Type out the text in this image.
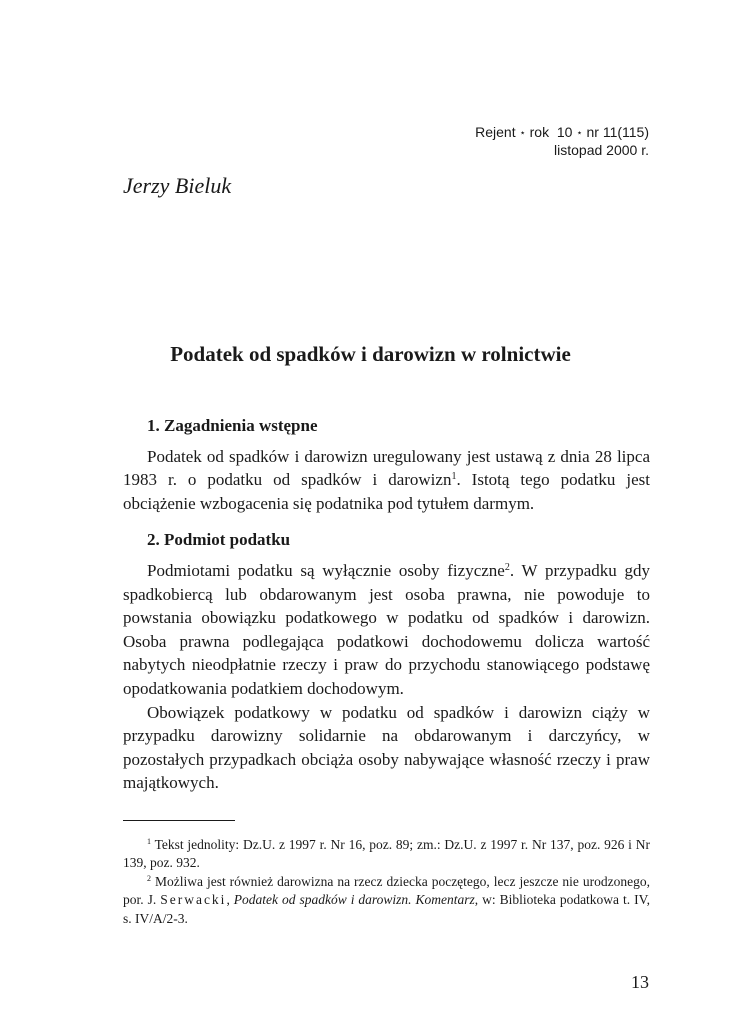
Rejent ⋆ rok  10 ⋆ nr 11(115)
listopad 2000 r.
Jerzy Bieluk
Podatek od spadków i darowizn w rolnictwie
1. Zagadnienia wstępne

Podatek od spadków i darowizn uregulowany jest ustawą z dnia 28 lipca 1983 r. o podatku od spadków i darowizn$^1$. Istotą tego podatku jest obciążenie wzbogacenia się podatnika pod tytułem darmym.

2. Podmiot podatku

Podmiotami podatku są wyłącznie osoby fizyczne$^2$. W przypadku gdy spadkobiercą lub obdarowanym jest osoba prawna, nie powoduje to powstania obowiązku podatkowego w podatku od spadków i darowizn. Osoba prawna podlegająca podatkowi dochodowemu dolicza wartość nabytych nieodpłatnie rzeczy i praw do przychodu stanowiącego podstawę opodatkowania podatkiem dochodowym.

Obowiązek podatkowy w podatku od spadków i darowizn ciąży w przypadku darowizny solidarnie na obdarowanym i darczyńcy, w pozostałych przypadkach obciąża osoby nabywające własność rzeczy i praw majątkowych.

$^1$ Tekst jednolity: Dz.U. z 1997 r. Nr 16, poz. 89; zm.: Dz.U. z 1997 r. Nr 137, poz. 926 i Nr 139, poz. 932.

$^2$ Możliwa jest również darowizna na rzecz dziecka poczętego, lecz jeszcze nie urodzonego, por. J. Serwacki, Podatek od spadków i darowizn. Komentarz, w: Biblioteka podatkowa t. IV, s. IV/A/2-3.

13
